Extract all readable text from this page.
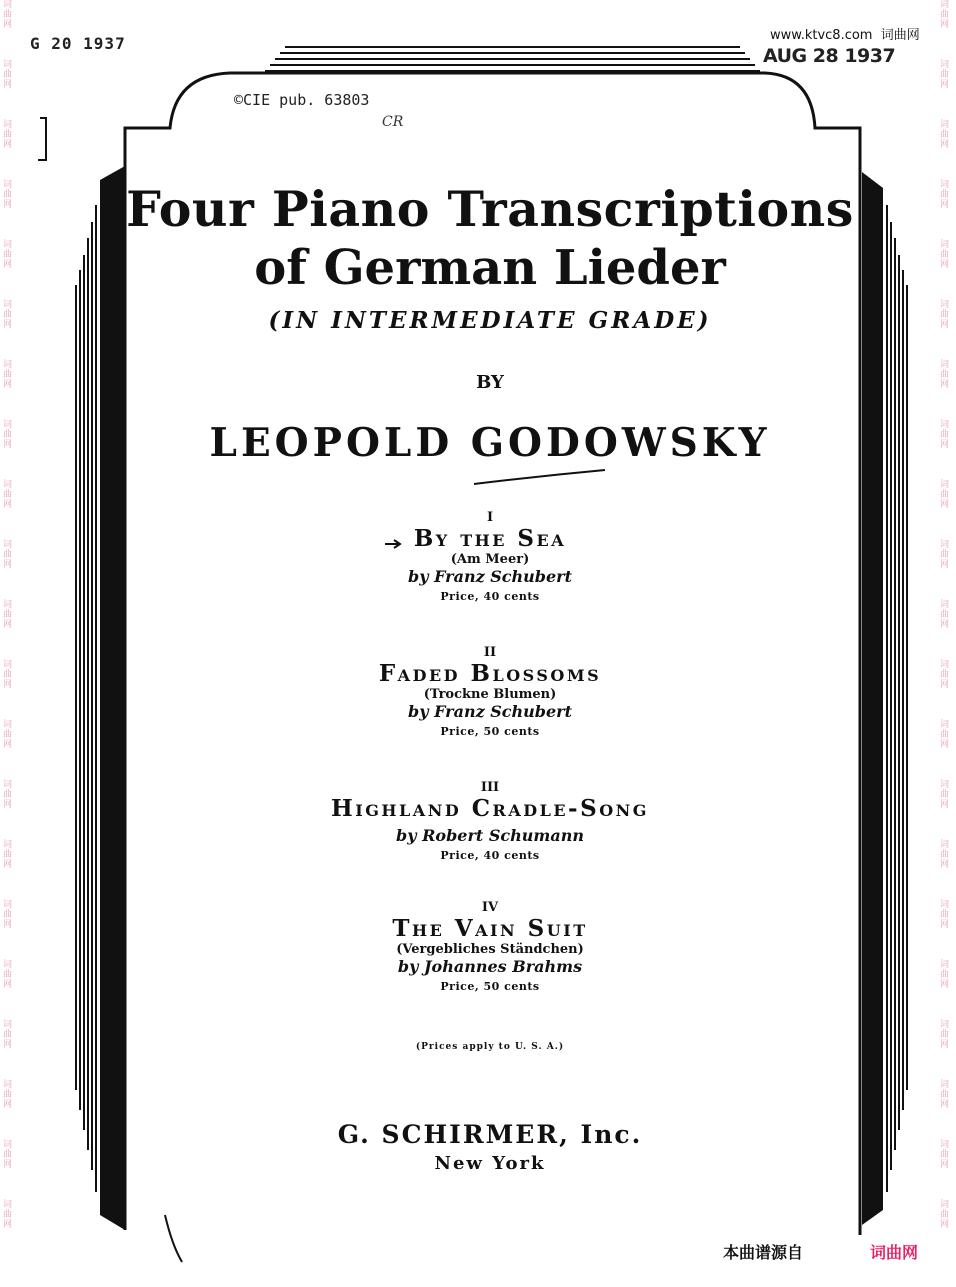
词曲网
词曲网
词曲网
词曲网
词曲网
词曲网
词曲网
词曲网
词曲网
词曲网
词曲网
词曲网
词曲网
词曲网
词曲网
词曲网
词曲网
词曲网
词曲网
词曲网
词曲网
词曲网
词曲网
词曲网
词曲网
词曲网
词曲网
词曲网
词曲网
词曲网
词曲网
词曲网
词曲网
词曲网
词曲网
词曲网
词曲网
词曲网
词曲网
词曲网
词曲网
词曲网
www.ktvc8.com 词曲网
G 20 1937
AUG 28 1937
©CIE pub. 63803
CR
Four Piano Transcriptions
of German Lieder
(IN INTERMEDIATE GRADE)
BY
LEOPOLD GODOWSKY
I
By the Sea
(Am Meer)
by Franz Schubert
Price, 40 cents
II
Faded Blossoms
(Trockne Blumen)
by Franz Schubert
Price, 50 cents
III
Highland Cradle-Song
by Robert Schumann
Price, 40 cents
IV
The Vain Suit
(Vergebliches Ständchen)
by Johannes Brahms
Price, 50 cents
(Prices apply to U. S. A.)
G. SCHIRMER, Inc.
New York
本曲谱源自	词曲网
